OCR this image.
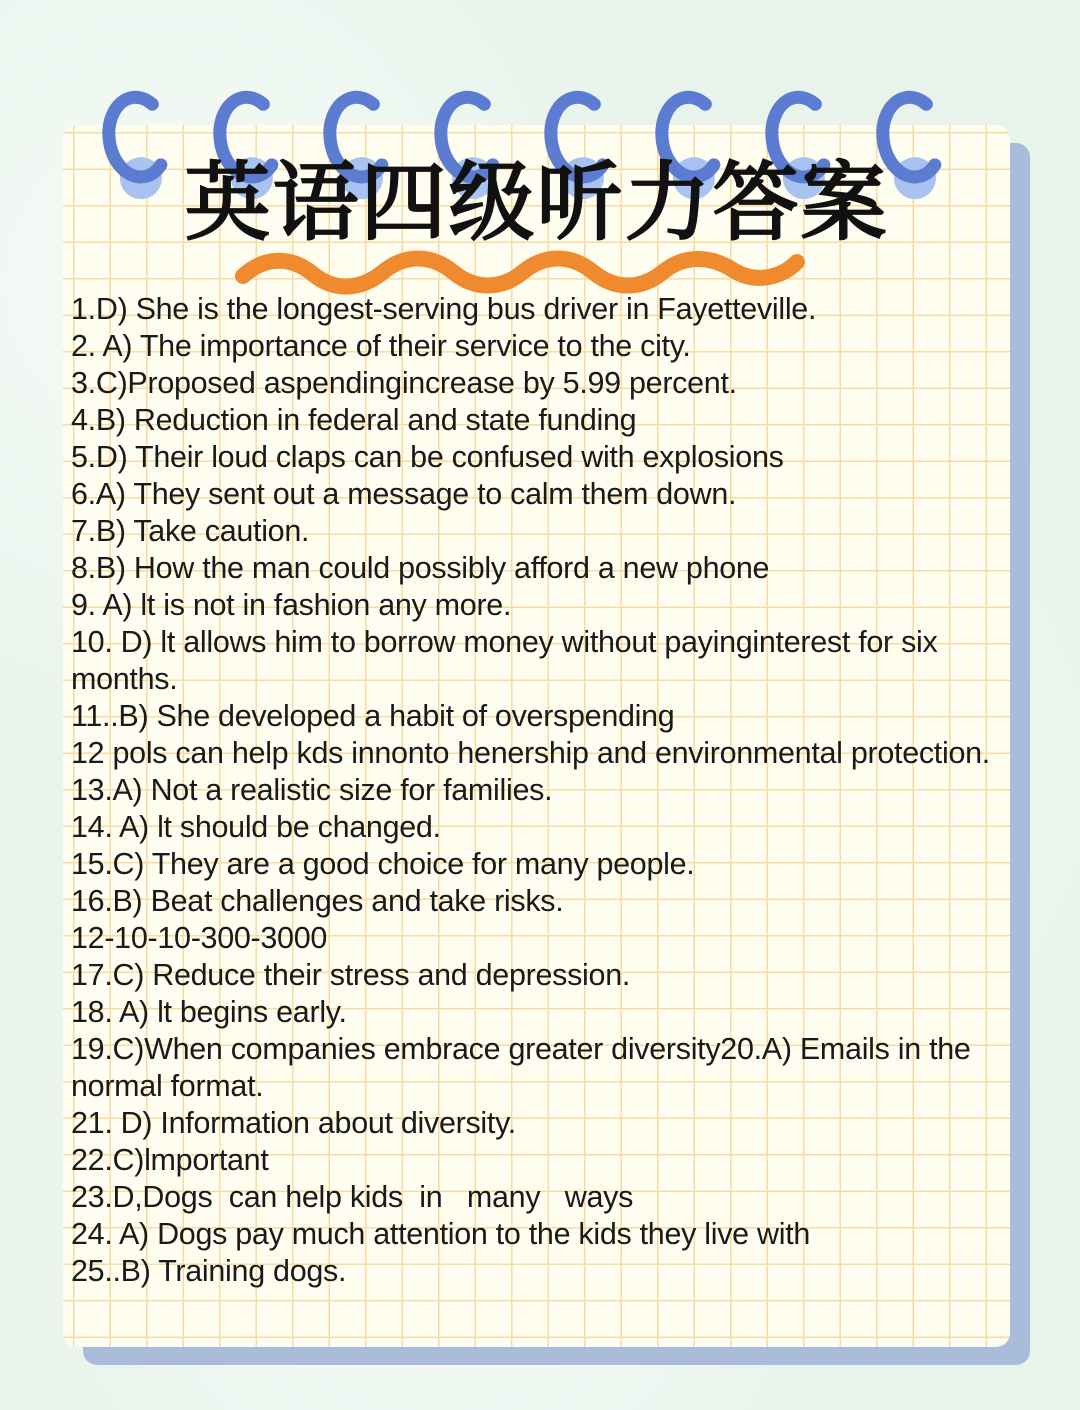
英语四级听力答案
1.D) She is the longest-serving bus driver in Fayetteville.
2. A) The importance of their service to the city.
3.C)Proposed aspendingincrease by 5.99 percent.
4.B) Reduction in federal and state funding
5.D) Their loud claps can be confused with explosions
6.A) They sent out a message to calm them down.
7.B) Take caution.
8.B) How the man could possibly afford a new phone
9. A) lt is not in fashion any more.
10. D) lt allows him to borrow money without payinginterest for six months.
11..B) She developed a habit of overspending
12 pols can help kds innonto henership and environmental protection.
13.A) Not a realistic size for families.
14. A) lt should be changed.
15.C) They are a good choice for many people.
16.B) Beat challenges and take risks.
12-10-10-300-3000
17.C) Reduce their stress and depression.
18. A) lt begins early.
19.C)When companies embrace greater diversity20.A) Emails in the normal format.
21. D) Information about diversity.
22.C)lmportant
23.D,Dogs  can help kids  in   many   ways
24. A) Dogs pay much attention to the kids they live with
25..B) Training dogs.
